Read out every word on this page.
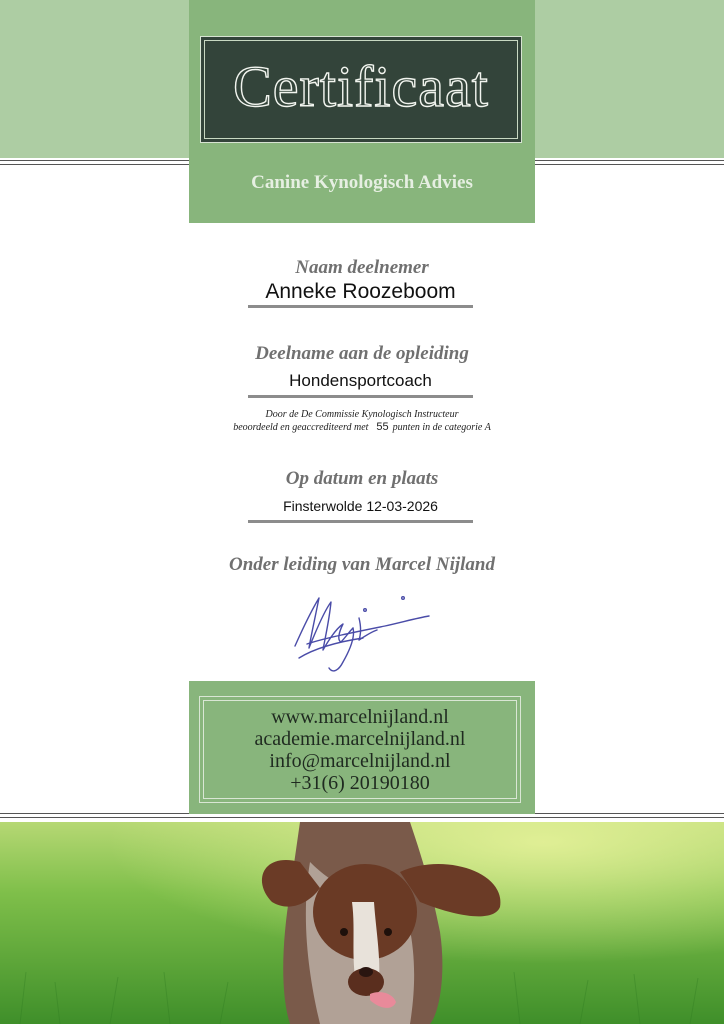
Certificaat
Canine Kynologisch Advies
Naam deelnemer
Anneke Roozeboom
Deelname aan de opleiding
Hondensportcoach
Door de De Commissie Kynologisch Instructeur
beoordeeld en geaccrediteerd met 55 punten in de categorie A
Op datum en plaats
Finsterwolde 12-03-2026
Onder leiding van Marcel Nijland
www.marcelnijland.nl
academie.marcelnijland.nl
info@marcelnijland.nl
+31(6) 20190180
